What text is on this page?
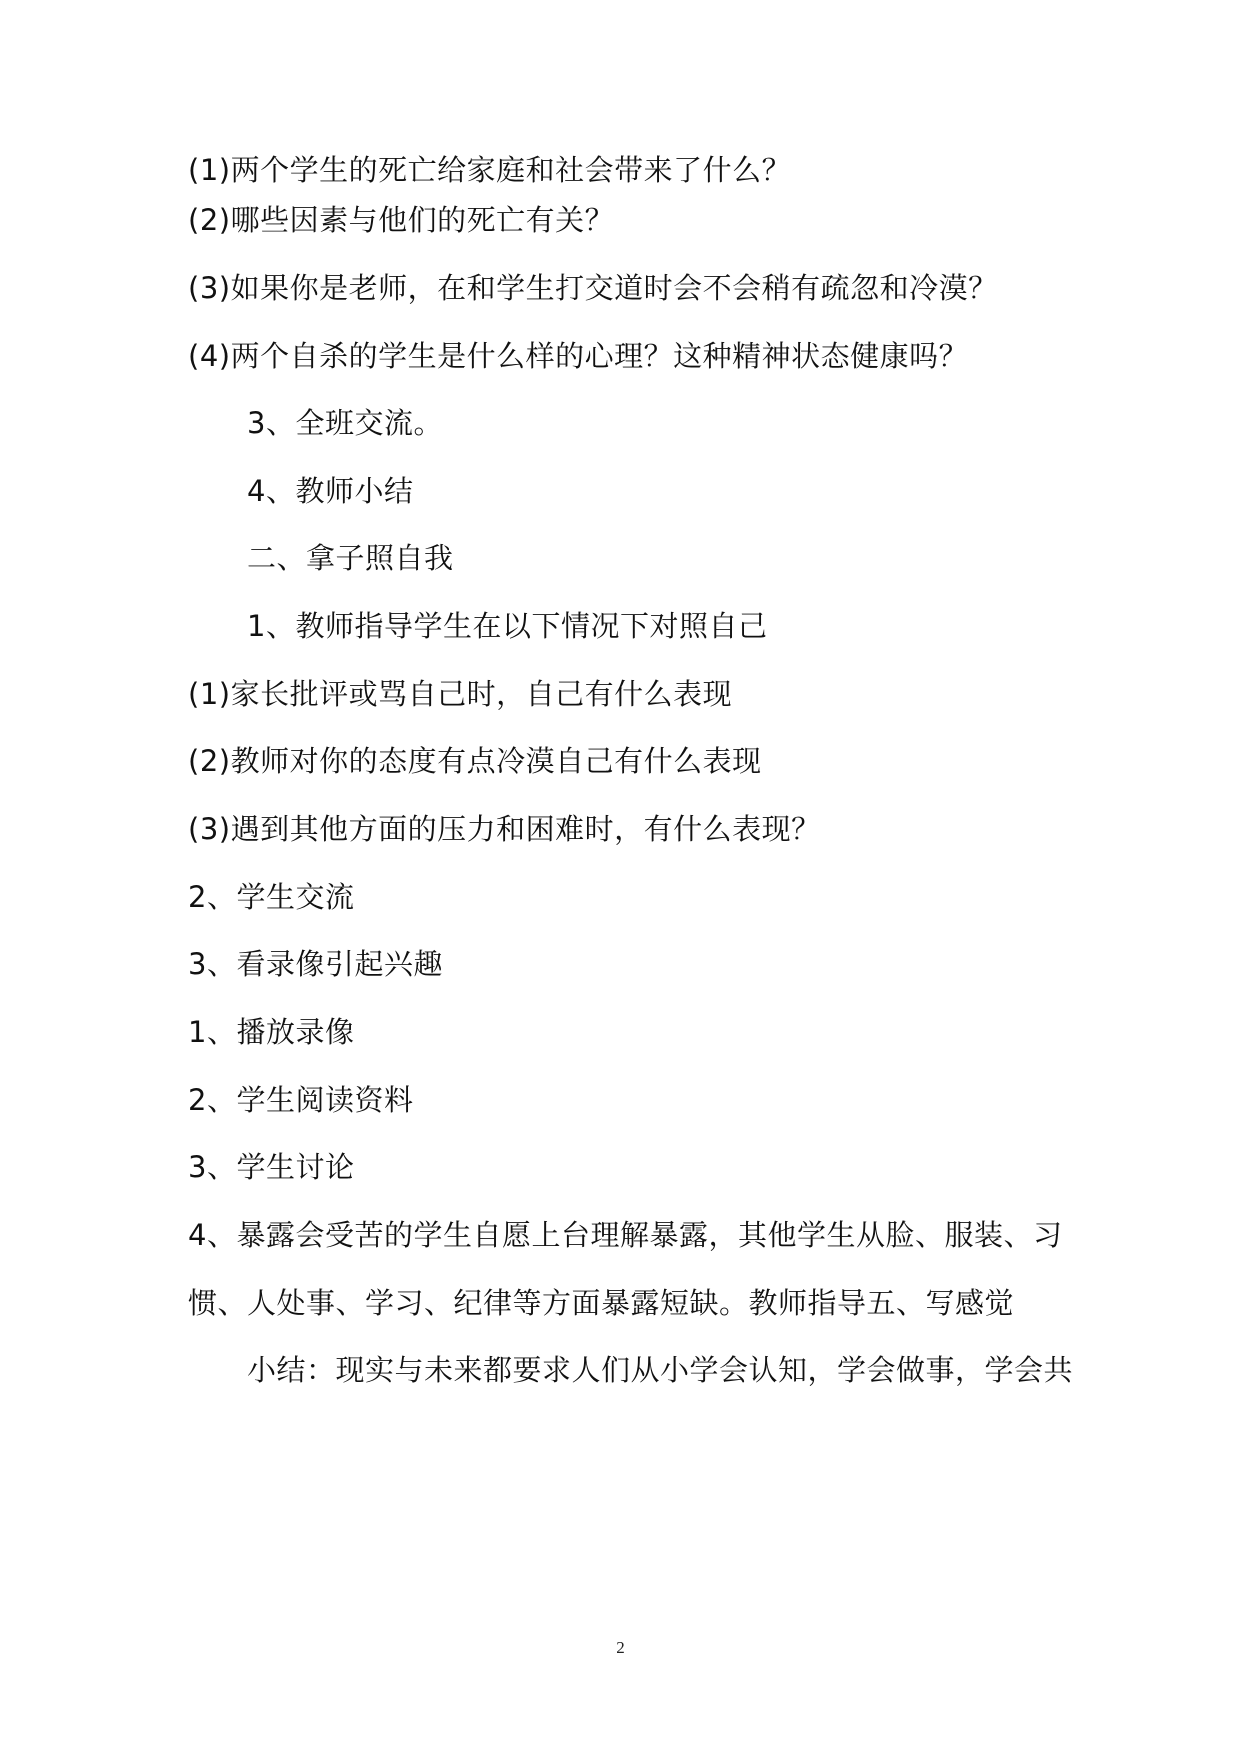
(1)两个学生的死亡给家庭和社会带来了什么？
(2)哪些因素与他们的死亡有关？
(3)如果你是老师，在和学生打交道时会不会稍有疏忽和冷漠？
(4)两个自杀的学生是什么样的心理？这种精神状态健康吗？
3、全班交流。
4、教师小结
二、拿子照自我
1、教师指导学生在以下情况下对照自己
(1)家长批评或骂自己时，自己有什么表现
(2)教师对你的态度有点冷漠自己有什么表现
(3)遇到其他方面的压力和困难时，有什么表现？
2、学生交流
3、看录像引起兴趣
1、播放录像
2、学生阅读资料
3、学生讨论
4、暴露会受苦的学生自愿上台理解暴露，其他学生从脸、服装、习
惯、人处事、学习、纪律等方面暴露短缺。教师指导五、写感觉
小结：现实与未来都要求人们从小学会认知，学会做事，学会共
2
